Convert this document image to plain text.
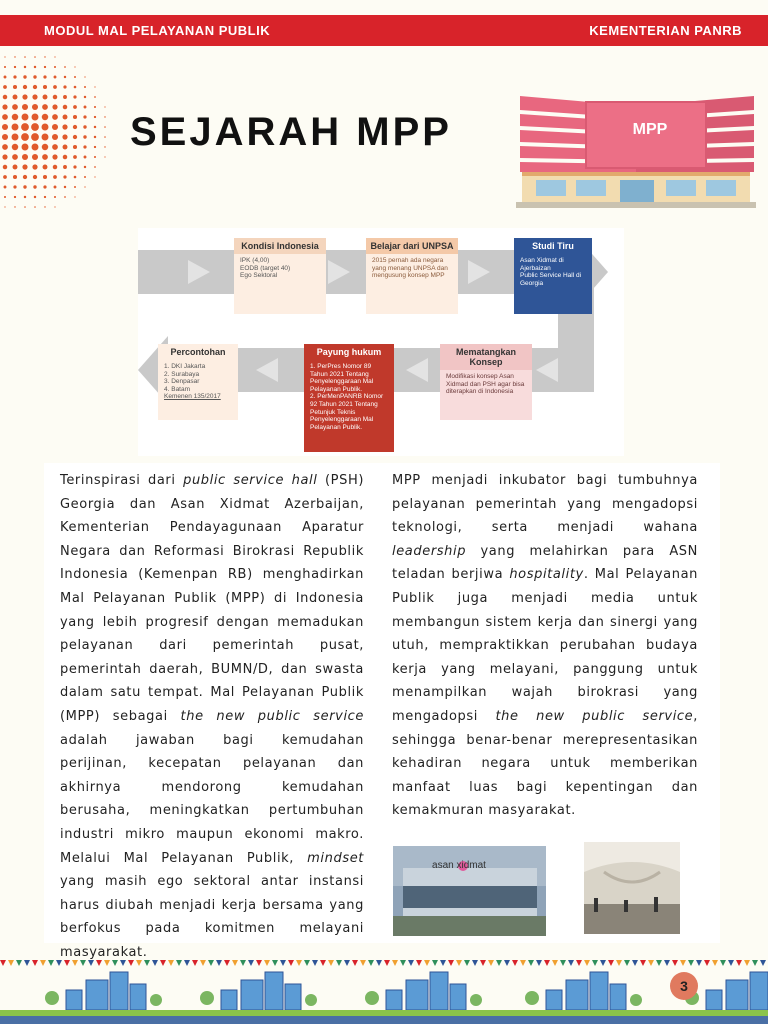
MODUL MAL PELAYANAN PUBLIK	KEMENTERIAN PANRB
SEJARAH MPP	MPP
Kondisi Indonesia
IPK (4,00)
EODB (target 40)
Ego Sektoral
Belajar dari UNPSA
2015 pernah ada negara yang menang UNPSA dan mengusung konsep MPP
Studi Tiru
Asan Xidmat di Ajerbaizan
Public Service Hall di Georgia
Mematangkan Konsep
Modifikasi konsep Asan Xidmad dan PSH agar bisa diterapkan di Indonesia
Payung hukum
1. PerPres Nomor 89 Tahun 2021 Tentang Penyelenggaraan Mal Pelayanan Publik.
2. PerMenPANRB Nomor 92 Tahun 2021 Tentang Petunjuk Teknis Penyelenggaraan Mal Pelayanan Publik.
Percontohan
1. DKI Jakarta
2. Surabaya
3. Denpasar
4. Batam
Kemenen 135/2017

Terinspirasi dari public service hall (PSH) Georgia dan Asan Xidmat Azerbaijan, Kementerian Pendayagunaan Aparatur Negara dan Reformasi Birokrasi Republik Indonesia (Kemenpan RB) menghadirkan Mal Pelayanan Publik (MPP) di Indonesia yang lebih progresif dengan memadukan pelayanan dari pemerintah pusat, pemerintah daerah, BUMN/D, dan swasta dalam satu tempat. Mal Pelayanan Publik (MPP) sebagai the new public service adalah jawaban bagi kemudahan perijinan, kecepatan pelayanan dan akhirnya mendorong kemudahan berusaha, meningkatkan pertumbuhan industri mikro maupun ekonomi makro. Melalui Mal Pelayanan Publik, mindset yang masih ego sektoral antar instansi harus diubah menjadi kerja bersama yang berfokus pada komitmen melayani masyarakat.

MPP menjadi inkubator bagi tumbuhnya pelayanan pemerintah yang mengadopsi teknologi, serta menjadi wahana leadership yang melahirkan para ASN teladan berjiwa hospitality. Mal Pelayanan Publik juga menjadi media untuk membangun sistem kerja dan sinergi yang utuh, mempraktikkan perubahan budaya kerja yang melayani, panggung untuk menampilkan wajah birokrasi yang mengadopsi the new public service, sehingga benar-benar merepresentasikan kehadiran negara untuk memberikan manfaat luas bagi kepentingan dan kemakmuran masyarakat.

asan xidmat
3
